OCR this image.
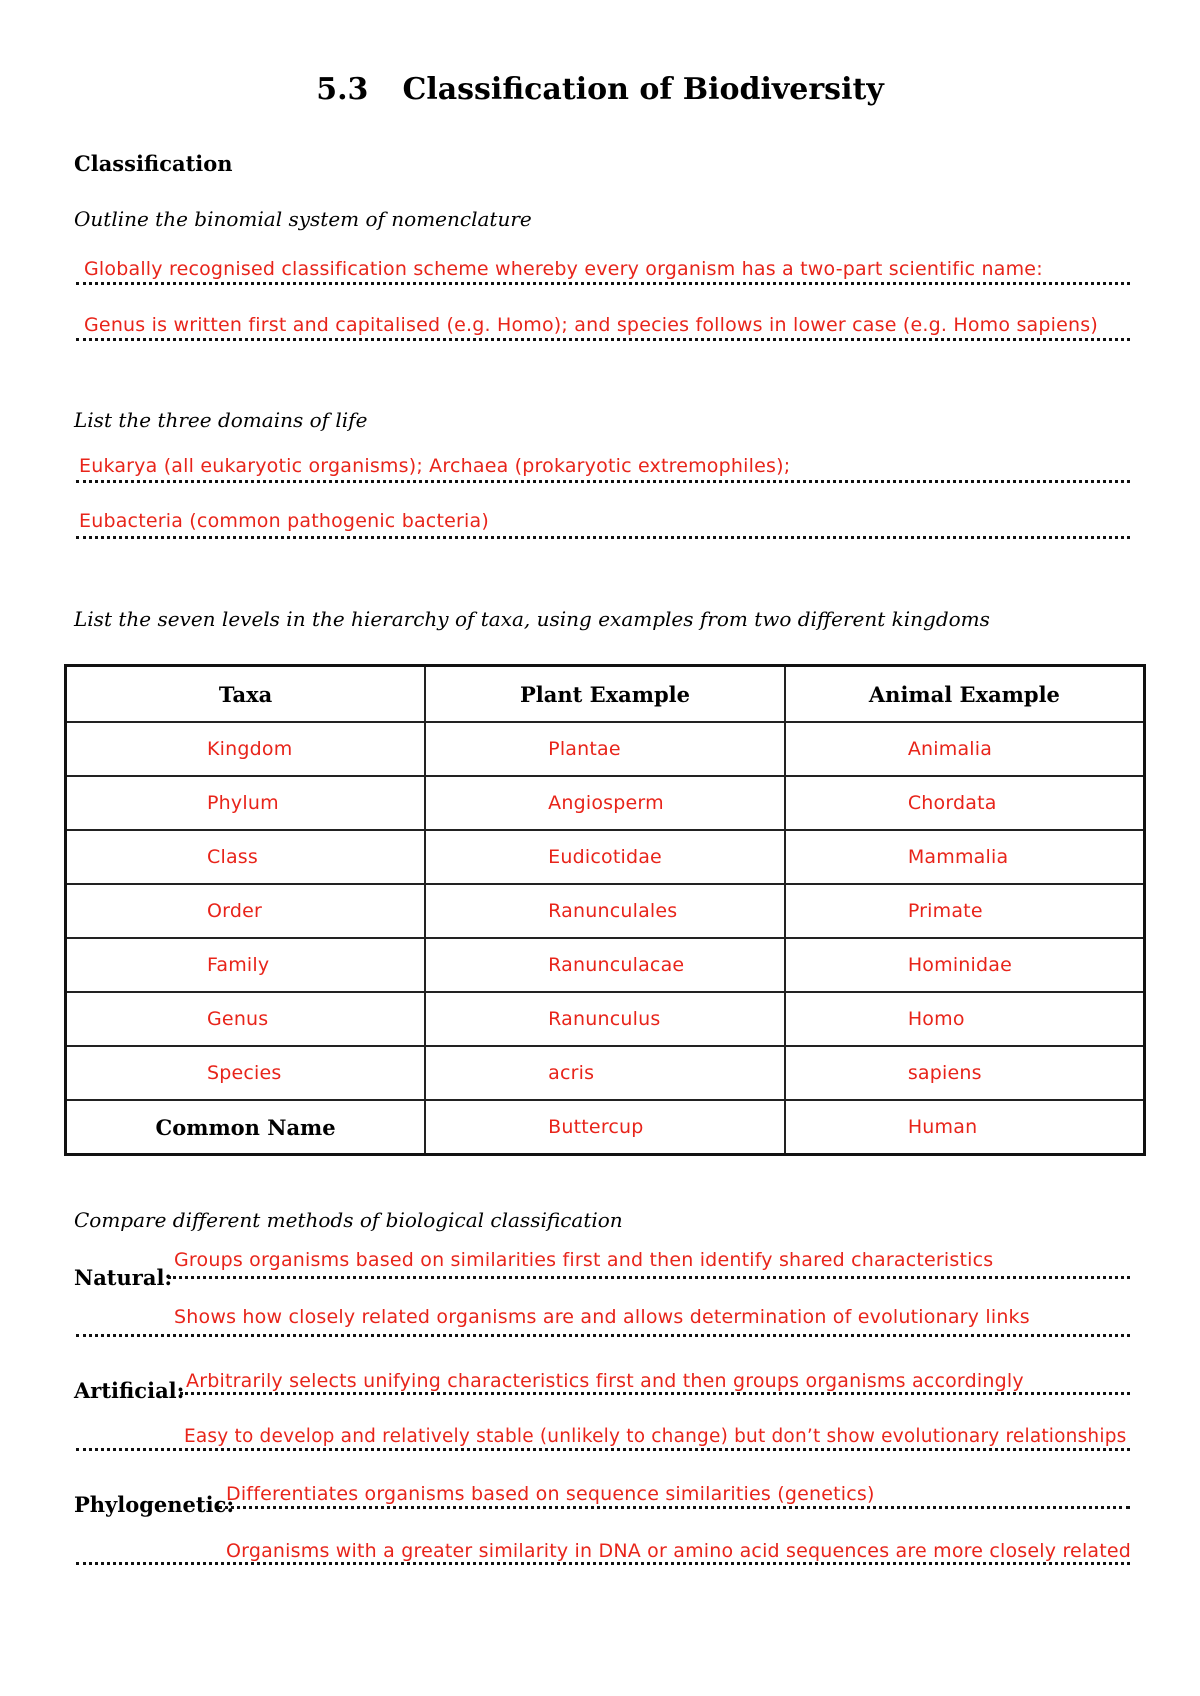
5.3 Classification of Biodiversity
Classification
Outline the binomial system of nomenclature
Globally recognised classification scheme whereby every organism has a two-part scientific name:
Genus is written first and capitalised (e.g. Homo); and species follows in lower case (e.g. Homo sapiens)
List the three domains of life
Eukarya (all eukaryotic organisms); Archaea (prokaryotic extremophiles);
Eubacteria (common pathogenic bacteria)
List the seven levels in the hierarchy of taxa, using examples from two different kingdoms
Taxa	Plant Example	Animal Example
Kingdom	Plantae	Animalia
Phylum	Angiosperm	Chordata
Class	Eudicotidae	Mammalia
Order	Ranunculales	Primate
Family	Ranunculacae	Hominidae
Genus	Ranunculus	Homo
Species	acris	sapiens
Common Name	Buttercup	Human
Compare different methods of biological classification
Natural:
Groups organisms based on similarities first and then identify shared characteristics
Shows how closely related organisms are and allows determination of evolutionary links
Artificial: Arbitrarily selects unifying characteristics first and then groups organisms accordingly
Easy to develop and relatively stable (unlikely to change) but don’t show evolutionary relationships
Phylogenetic:
Differentiates organisms based on sequence similarities (genetics)
Organisms with a greater similarity in DNA or amino acid sequences are more closely related
